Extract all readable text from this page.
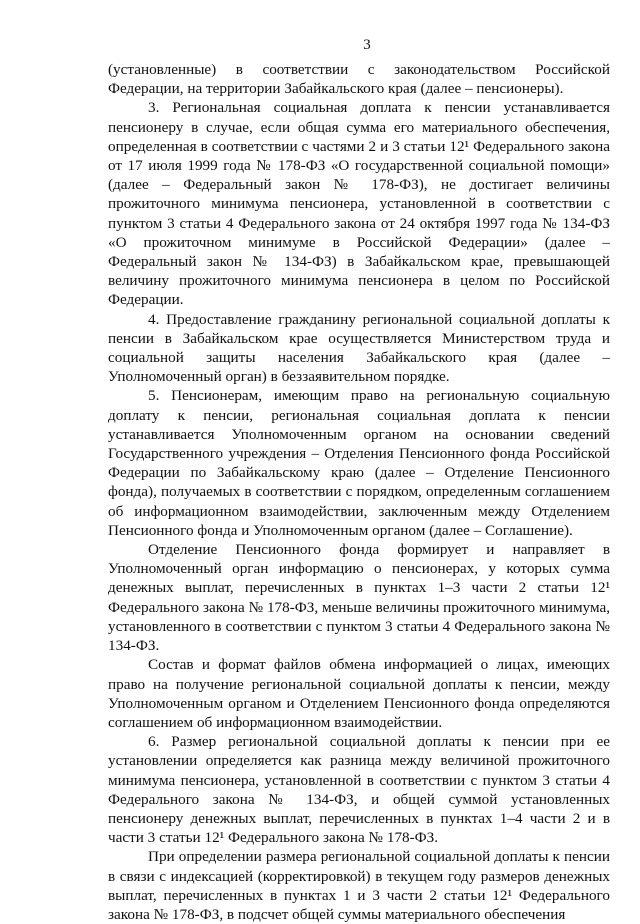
3

(установленные) в соответствии с законодательством Российской Федерации, на территории Забайкальского края (далее – пенсионеры).

3. Региональная социальная доплата к пенсии устанавливается пенсионеру в случае, если общая сумма его материального обеспечения, определенная в соответствии с частями 2 и 3 статьи 12¹ Федерального закона от 17 июля 1999 года № 178-ФЗ «О государственной социальной помощи» (далее – Федеральный закон № 178-ФЗ), не достигает величины прожиточного минимума пенсионера, установленной в соответствии с пунктом 3 статьи 4 Федерального закона от 24 октября 1997 года № 134-ФЗ «О прожиточном минимуме в Российской Федерации» (далее – Федеральный закон № 134-ФЗ) в Забайкальском крае, превышающей величину прожиточного минимума пенсионера в целом по Российской Федерации.

4. Предоставление гражданину региональной социальной доплаты к пенсии в Забайкальском крае осуществляется Министерством труда и социальной защиты населения Забайкальского края (далее – Уполномоченный орган) в беззаявительном порядке.

5. Пенсионерам, имеющим право на региональную социальную доплату к пенсии, региональная социальная доплата к пенсии устанавливается Уполномоченным органом на основании сведений Государственного учреждения – Отделения Пенсионного фонда Российской Федерации по Забайкальскому краю (далее – Отделение Пенсионного фонда), получаемых в соответствии с порядком, определенным соглашением об информационном взаимодействии, заключенным между Отделением Пенсионного фонда и Уполномоченным органом (далее – Соглашение).

Отделение Пенсионного фонда формирует и направляет в Уполномоченный орган информацию о пенсионерах, у которых сумма денежных выплат, перечисленных в пунктах 1–3 части 2 статьи 12¹ Федерального закона № 178-ФЗ, меньше величины прожиточного минимума, установленного в соответствии с пунктом 3 статьи 4 Федерального закона № 134-ФЗ.

Состав и формат файлов обмена информацией о лицах, имеющих право на получение региональной социальной доплаты к пенсии, между Уполномоченным органом и Отделением Пенсионного фонда определяются соглашением об информационном взаимодействии.

6. Размер региональной социальной доплаты к пенсии при ее установлении определяется как разница между величиной прожиточного минимума пенсионера, установленной в соответствии с пунктом 3 статьи 4 Федерального закона № 134-ФЗ, и общей суммой установленных пенсионеру денежных выплат, перечисленных в пунктах 1–4 части 2 и в части 3 статьи 12¹ Федерального закона № 178-ФЗ.

При определении размера региональной социальной доплаты к пенсии в связи с индексацией (корректировкой) в текущем году размеров денежных выплат, перечисленных в пунктах 1 и 3 части 2 статьи 12¹ Федерального закона № 178-ФЗ, в подсчет общей суммы материального обеспечения
